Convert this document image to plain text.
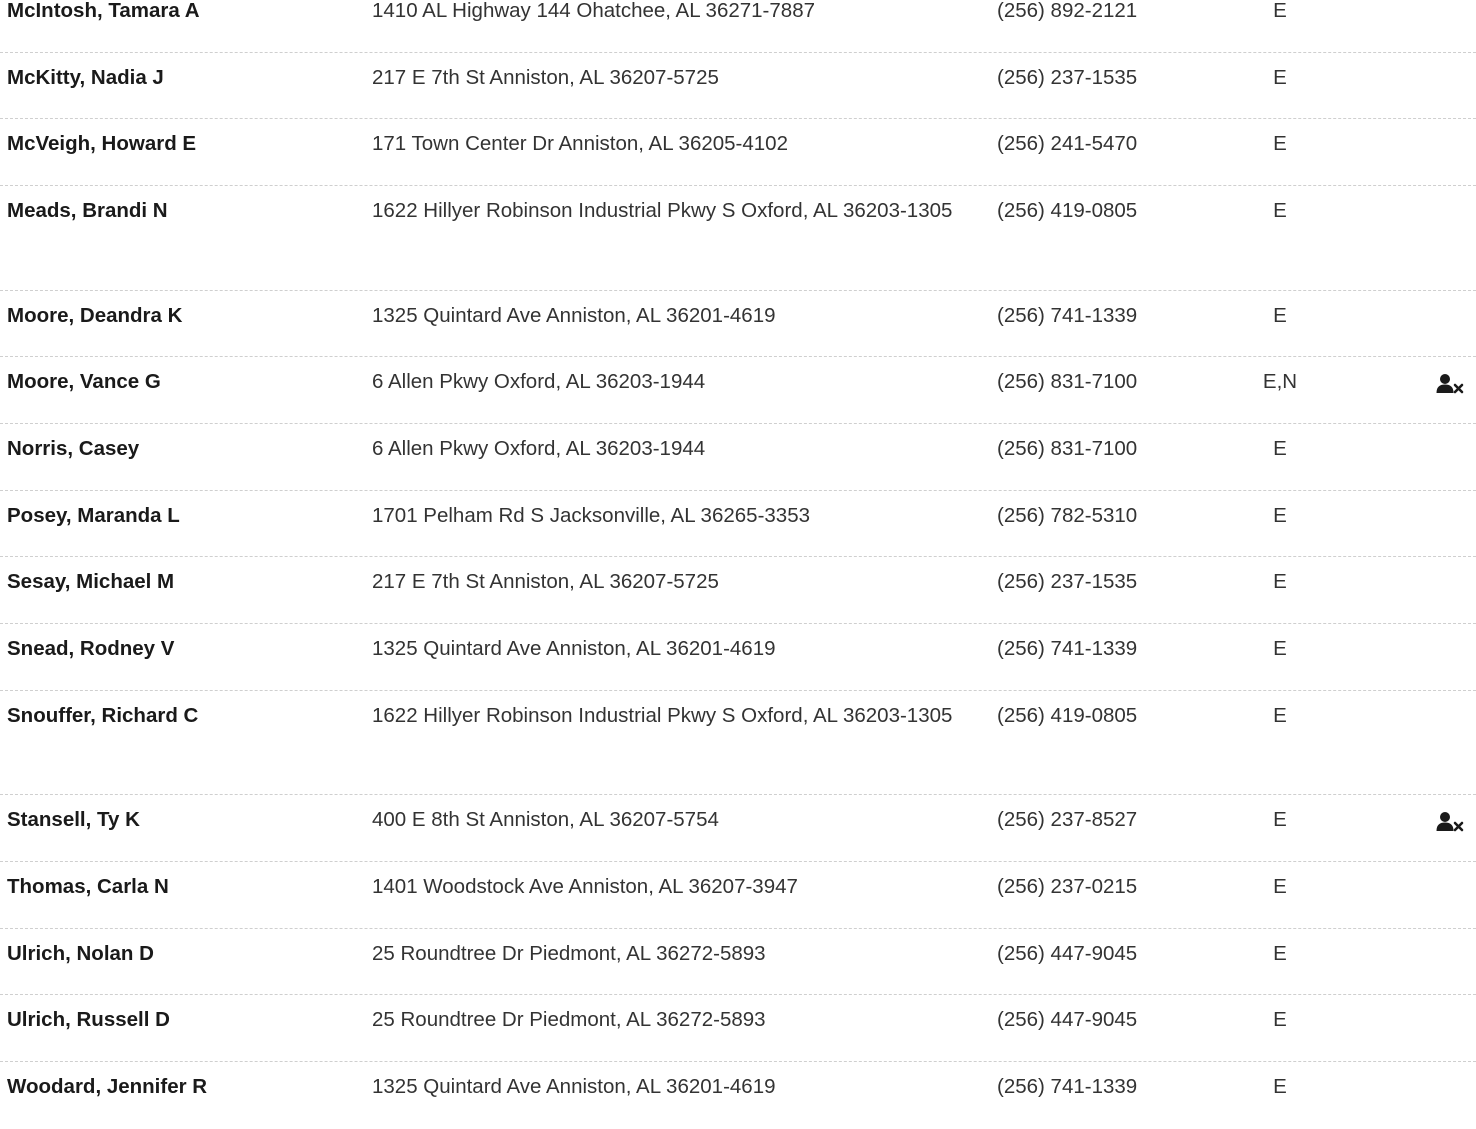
McIntosh, Tamara A	1410 AL Highway 144 Ohatchee, AL 36271-7887	(256) 892-2121	E
McKitty, Nadia J	217 E 7th St Anniston, AL 36207-5725	(256) 237-1535	E
McVeigh, Howard E	171 Town Center Dr Anniston, AL 36205-4102	(256) 241-5470	E
Meads, Brandi N	1622 Hillyer Robinson Industrial Pkwy S Oxford, AL 36203-1305	(256) 419-0805	E
Moore, Deandra K	1325 Quintard Ave Anniston, AL 36201-4619	(256) 741-1339	E
Moore, Vance G	6 Allen Pkwy Oxford, AL 36203-1944	(256) 831-7100	E,N
Norris, Casey	6 Allen Pkwy Oxford, AL 36203-1944	(256) 831-7100	E
Posey, Maranda L	1701 Pelham Rd S Jacksonville, AL 36265-3353	(256) 782-5310	E
Sesay, Michael M	217 E 7th St Anniston, AL 36207-5725	(256) 237-1535	E
Snead, Rodney V	1325 Quintard Ave Anniston, AL 36201-4619	(256) 741-1339	E
Snouffer, Richard C	1622 Hillyer Robinson Industrial Pkwy S Oxford, AL 36203-1305	(256) 419-0805	E
Stansell, Ty K	400 E 8th St Anniston, AL 36207-5754	(256) 237-8527	E
Thomas, Carla N	1401 Woodstock Ave Anniston, AL 36207-3947	(256) 237-0215	E
Ulrich, Nolan D	25 Roundtree Dr Piedmont, AL 36272-5893	(256) 447-9045	E
Ulrich, Russell D	25 Roundtree Dr Piedmont, AL 36272-5893	(256) 447-9045	E
Woodard, Jennifer R	1325 Quintard Ave Anniston, AL 36201-4619	(256) 741-1339	E
